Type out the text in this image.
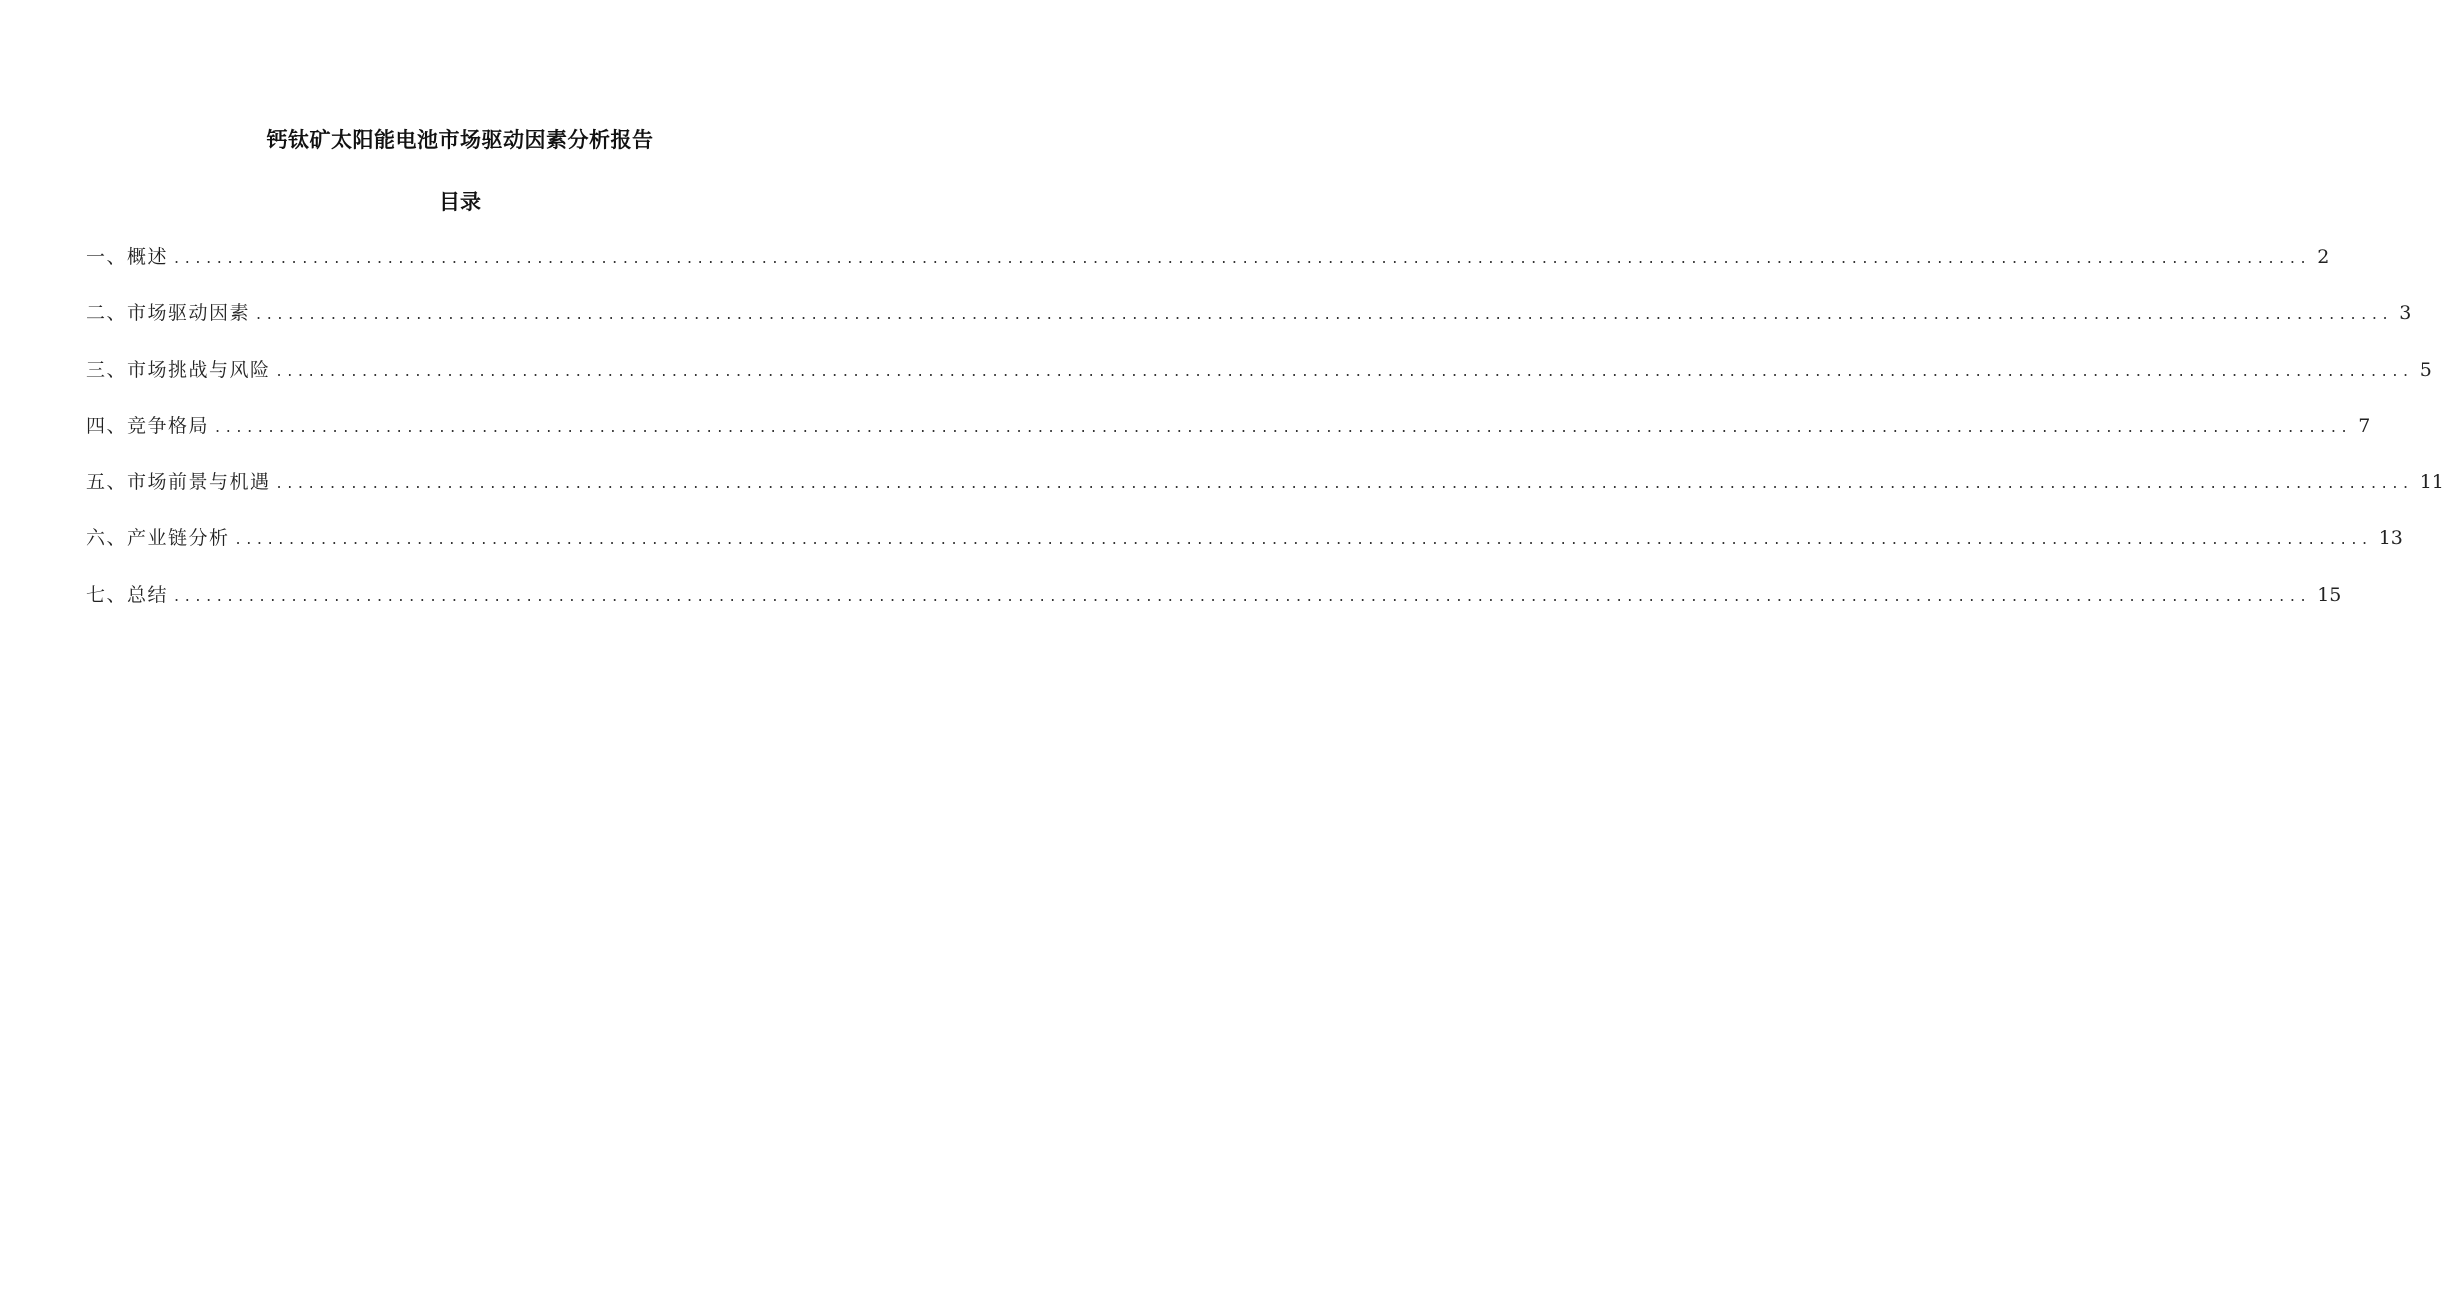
钙钛矿太阳能电池市场驱动因素分析报告
目录
一、概述 ........................................................................................................................................................................................................ 2
二、市场驱动因素 ........................................................................................................................................................................................................ 3
三、市场挑战与风险 ........................................................................................................................................................................................................ 5
四、竞争格局 ........................................................................................................................................................................................................ 7
五、市场前景与机遇 ........................................................................................................................................................................................................ 11
六、产业链分析 ........................................................................................................................................................................................................ 13
七、总结 ........................................................................................................................................................................................................ 15
